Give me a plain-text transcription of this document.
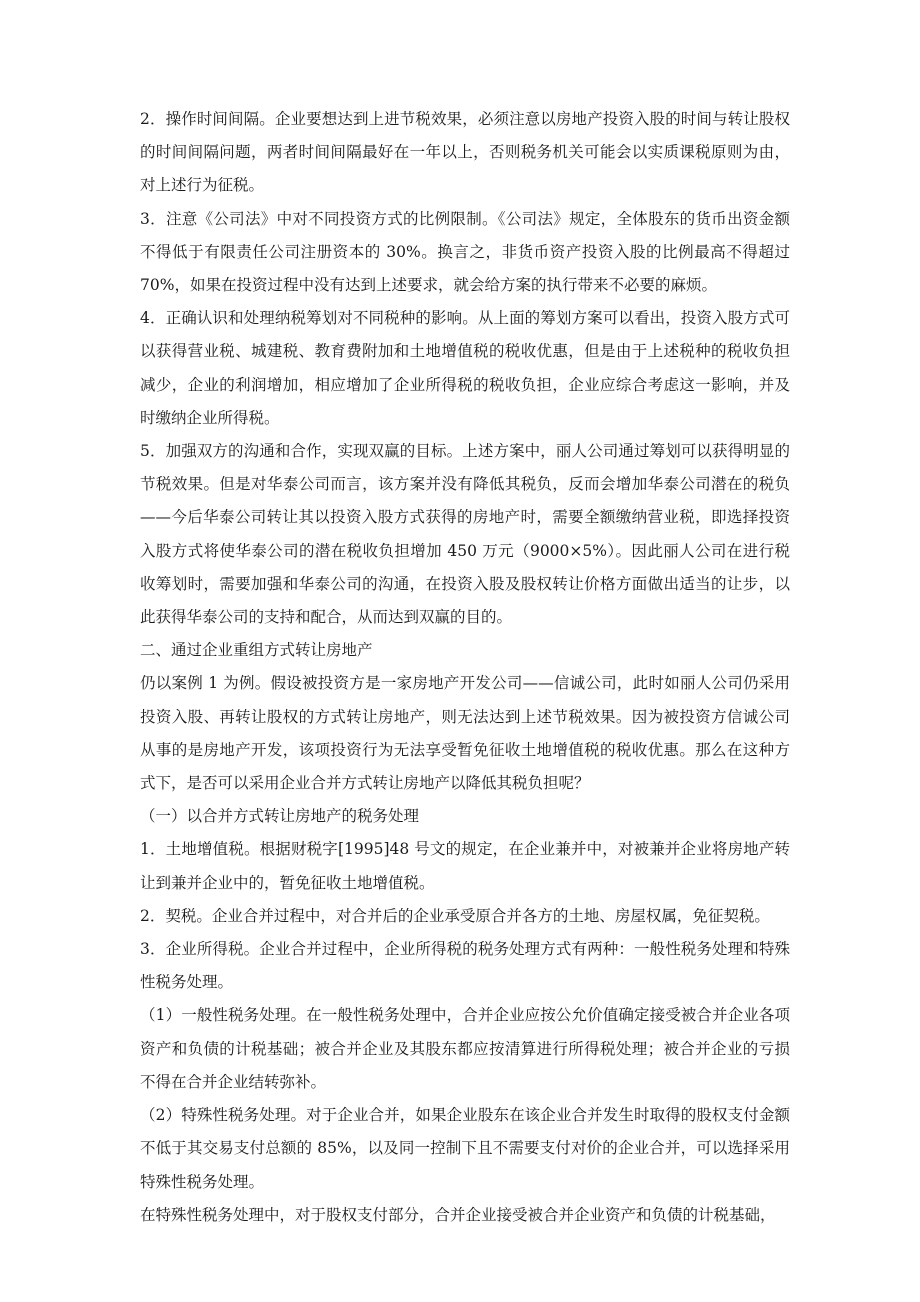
2．操作时间间隔。企业要想达到上进节税效果，必须注意以房地产投资入股的时间与转让股权的时间间隔问题，两者时间间隔最好在一年以上，否则税务机关可能会以实质课税原则为由，对上述行为征税。

3．注意《公司法》中对不同投资方式的比例限制。《公司法》规定，全体股东的货币出资金额不得低于有限责任公司注册资本的 30%。换言之，非货币资产投资入股的比例最高不得超过 70%，如果在投资过程中没有达到上述要求，就会给方案的执行带来不必要的麻烦。

4．正确认识和处理纳税筹划对不同税种的影响。从上面的筹划方案可以看出，投资入股方式可以获得营业税、城建税、教育费附加和土地增值税的税收优惠，但是由于上述税种的税收负担减少，企业的利润增加，相应增加了企业所得税的税收负担，企业应综合考虑这一影响，并及时缴纳企业所得税。

5．加强双方的沟通和合作，实现双赢的目标。上述方案中，丽人公司通过筹划可以获得明显的节税效果。但是对华泰公司而言，该方案并没有降低其税负，反而会增加华泰公司潜在的税负——今后华泰公司转让其以投资入股方式获得的房地产时，需要全额缴纳营业税，即选择投资入股方式将使华泰公司的潜在税收负担增加 450 万元（9000×5%）。因此丽人公司在进行税收筹划时，需要加强和华泰公司的沟通，在投资入股及股权转让价格方面做出适当的让步，以此获得华泰公司的支持和配合，从而达到双赢的目的。

二、通过企业重组方式转让房地产

仍以案例 1 为例。假设被投资方是一家房地产开发公司——信诚公司，此时如丽人公司仍采用投资入股、再转让股权的方式转让房地产，则无法达到上述节税效果。因为被投资方信诚公司从事的是房地产开发，该项投资行为无法享受暂免征收土地增值税的税收优惠。那么在这种方式下，是否可以采用企业合并方式转让房地产以降低其税负担呢？

（一）以合并方式转让房地产的税务处理

1．土地增值税。根据财税字[1995]48 号文的规定，在企业兼并中，对被兼并企业将房地产转让到兼并企业中的，暂免征收土地增值税。

2．契税。企业合并过程中，对合并后的企业承受原合并各方的土地、房屋权属，免征契税。

3．企业所得税。企业合并过程中，企业所得税的税务处理方式有两种：一般性税务处理和特殊性税务处理。

（1）一般性税务处理。在一般性税务处理中，合并企业应按公允价值确定接受被合并企业各项资产和负债的计税基础；被合并企业及其股东都应按清算进行所得税处理；被合并企业的亏损不得在合并企业结转弥补。

（2）特殊性税务处理。对于企业合并，如果企业股东在该企业合并发生时取得的股权支付金额不低于其交易支付总额的 85%，以及同一控制下且不需要支付对价的企业合并，可以选择采用特殊性税务处理。

在特殊性税务处理中，对于股权支付部分，合并企业接受被合并企业资产和负债的计税基础，
